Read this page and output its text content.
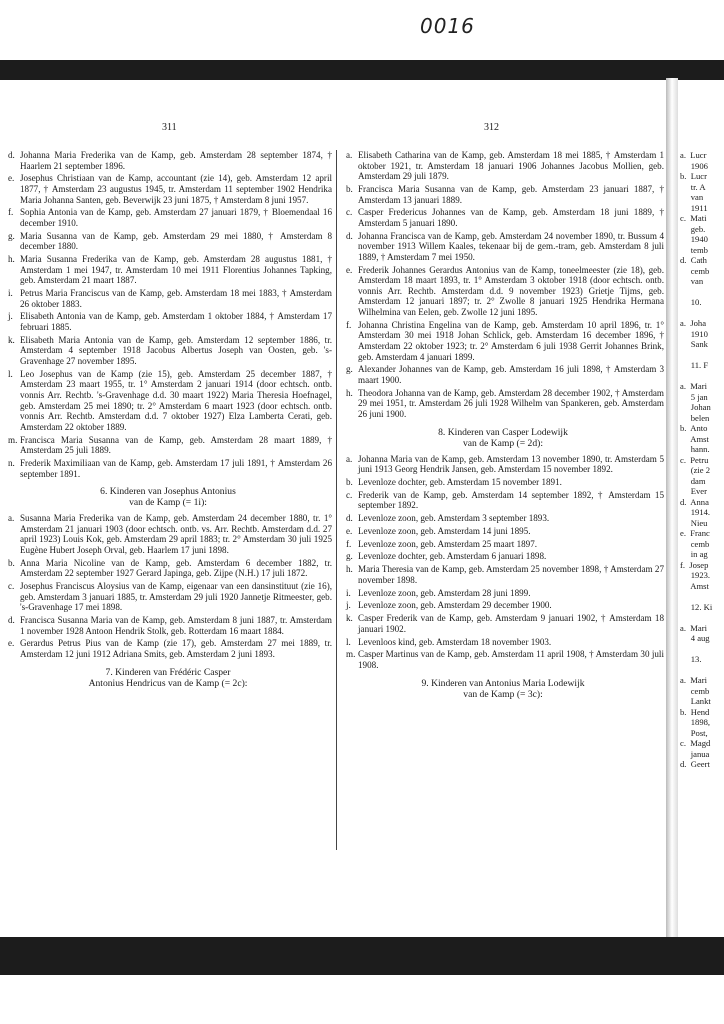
0016
311	312
d. Johanna Maria Frederika van de Kamp, geb. Amsterdam 28 september 1874, † Haarlem 21 september 1896.
e. Josephus Christiaan van de Kamp, accountant (zie 14), geb. Amsterdam 12 april 1877, † Amsterdam 23 augustus 1945, tr. Amsterdam 11 september 1902 Hendrika Maria Johanna Santen, geb. Beverwijk 23 juni 1875, † Amsterdam 8 juni 1957.
f. Sophia Antonia van de Kamp, geb. Amsterdam 27 januari 1879, † Bloemendaal 16 december 1910.
g. Maria Susanna van de Kamp, geb. Amsterdam 29 mei 1880, † Amsterdam 8 december 1880.
h. Maria Susanna Frederika van de Kamp, geb. Amsterdam 28 augustus 1881, † Amsterdam 1 mei 1947, tr. Amsterdam 10 mei 1911 Florentius Johannes Tapking, geb. Amsterdam 21 maart 1887.
i. Petrus Maria Franciscus van de Kamp, geb. Amsterdam 18 mei 1883, † Amsterdam 26 oktober 1883.
j. Elisabeth Antonia van de Kamp, geb. Amsterdam 1 oktober 1884, † Amsterdam 17 februari 1885.
k. Elisabeth Maria Antonia van de Kamp, geb. Amsterdam 12 september 1886, tr. Amsterdam 4 september 1918 Jacobus Albertus Joseph van Oosten, geb. 's-Gravenhage 27 november 1895.
l. Leo Josephus van de Kamp (zie 15), geb. Amsterdam 25 december 1887, † Amsterdam 23 maart 1955, tr. 1° Amsterdam 2 januari 1914 (door echtsch. ontb. vonnis Arr. Rechtb. 's-Gravenhage d.d. 30 maart 1922) Maria Theresia Hoefnagel, geb. Amsterdam 25 mei 1890; tr. 2° Amsterdam 6 maart 1923 (door echtsch. ontb. vonnis Arr. Rechtb. Amsterdam d.d. 7 oktober 1927) Elza Lamberta Cerati, geb. Amsterdam 22 oktober 1889.
m. Francisca Maria Susanna van de Kamp, geb. Amsterdam 28 maart 1889, † Amsterdam 25 juli 1889.
n. Frederik Maximiliaan van de Kamp, geb. Amsterdam 17 juli 1891, † Amsterdam 26 september 1891.
6. Kinderen van Josephus Antonius
van de Kamp (= 1i):
a. Susanna Maria Frederika van de Kamp, geb. Amsterdam 24 december 1880, tr. 1° Amsterdam 21 januari 1903 (door echtsch. ontb. vs. Arr. Rechtb. Amsterdam d.d. 27 april 1923) Louis Kok, geb. Amsterdam 29 april 1883; tr. 2° Amsterdam 30 juli 1925 Eugène Hubert Joseph Orval, geb. Haarlem 17 juni 1898.
b. Anna Maria Nicoline van de Kamp, geb. Amsterdam 6 december 1882, tr. Amsterdam 22 september 1927 Gerard Japinga, geb. Zijpe (N.H.) 17 juli 1872.
c. Josephus Franciscus Aloysius van de Kamp, eigenaar van een dansinstituut (zie 16), geb. Amsterdam 3 januari 1885, tr. Amsterdam 29 juli 1920 Jannetje Ritmeester, geb. 's-Gravenhage 17 mei 1898.
d. Francisca Susanna Maria van de Kamp, geb. Amsterdam 8 juni 1887, tr. Amsterdam 1 november 1928 Antoon Hendrik Stolk, geb. Rotterdam 16 maart 1884.
e. Gerardus Petrus Pius van de Kamp (zie 17), geb. Amsterdam 27 mei 1889, tr. Amsterdam 12 juni 1912 Adriana Smits, geb. Amsterdam 2 juni 1893.
7. Kinderen van Frédéric Casper
Antonius Hendricus van de Kamp (= 2c):
a. Elisabeth Catharina van de Kamp, geb. Amsterdam 18 mei 1885, † Amsterdam 1 oktober 1921, tr. Amsterdam 18 januari 1906 Johannes Jacobus Mollien, geb. Amsterdam 29 juli 1879.
b. Francisca Maria Susanna van de Kamp, geb. Amsterdam 23 januari 1887, † Amsterdam 13 januari 1889.
c. Casper Fredericus Johannes van de Kamp, geb. Amsterdam 18 juni 1889, † Amsterdam 5 januari 1890.
d. Johanna Francisca van de Kamp, geb. Amsterdam 24 november 1890, tr. Bussum 4 november 1913 Willem Kaales, tekenaar bij de gem.-tram, geb. Amsterdam 8 juli 1889, † Amsterdam 7 mei 1950.
e. Frederik Johannes Gerardus Antonius van de Kamp, toneelmeester (zie 18), geb. Amsterdam 18 maart 1893, tr. 1° Amsterdam 3 oktober 1918 (door echtsch. ontb. vonnis Arr. Rechtb. Amsterdam d.d. 9 november 1923) Grietje Tijms, geb. Amsterdam 12 januari 1897; tr. 2° Zwolle 8 januari 1925 Hendrika Hermana Wilhelmina van Eelen, geb. Zwolle 12 juni 1895.
f. Johanna Christina Engelina van de Kamp, geb. Amsterdam 10 april 1896, tr. 1° Amsterdam 30 mei 1918 Johan Schlick, geb. Amsterdam 16 december 1896, † Amsterdam 22 oktober 1923; tr. 2° Amsterdam 6 juli 1938 Gerrit Johannes Brink, geb. Amsterdam 4 januari 1899.
g. Alexander Johannes van de Kamp, geb. Amsterdam 16 juli 1898, † Amsterdam 3 maart 1900.
h. Theodora Johanna van de Kamp, geb. Amsterdam 28 december 1902, † Amsterdam 29 mei 1951, tr. Amsterdam 26 juli 1928 Wilhelm van Spankeren, geb. Amsterdam 26 juni 1900.
8. Kinderen van Casper Lodewijk
van de Kamp (= 2d):
a. Johanna Maria van de Kamp, geb. Amsterdam 13 november 1890, tr. Amsterdam 5 juni 1913 Georg Hendrik Jansen, geb. Amsterdam 15 november 1892.
b. Levenloze dochter, geb. Amsterdam 15 november 1891.
c. Frederik van de Kamp, geb. Amsterdam 14 september 1892, † Amsterdam 15 september 1892.
d. Levenloze zoon, geb. Amsterdam 3 september 1893.
e. Levenloze zoon, geb. Amsterdam 14 juni 1895.
f. Levenloze zoon, geb. Amsterdam 25 maart 1897.
g. Levenloze dochter, geb. Amsterdam 6 januari 1898.
h. Maria Theresia van de Kamp, geb. Amsterdam 25 november 1898, † Amsterdam 27 november 1898.
i. Levenloze zoon, geb. Amsterdam 28 juni 1899.
j. Levenloze zoon, geb. Amsterdam 29 december 1900.
k. Casper Frederik van de Kamp, geb. Amsterdam 9 januari 1902, † Amsterdam 18 januari 1902.
l. Levenloos kind, geb. Amsterdam 18 november 1903.
m. Casper Martinus van de Kamp, geb. Amsterdam 11 april 1908, † Amsterdam 30 juli 1908.
9. Kinderen van Antonius Maria Lodewijk
van de Kamp (= 3c):
a.  Lucr
1906
b.  Lucr
tr. A
van
1911
c.  Mati
geb.
1940
temb
d.  Cath
cemb
van
10.
a.  Joha
1910
Sank
11. F
a.  Mari
5 jan
Johan
belen
b.  Anto
Amst
hann.
c.  Petru
(zie 2
dam
Ever
d.  Anna
1914.
Nieu
e.  Franc
cemb
in ag
f.  Josep
1923.
Amst
12. Ki
a.  Mari
4 aug
13.
a.  Mari
cemb
Lankt
b.  Hend
1898,
Post,
c.  Magd
janua
d.  Geert
